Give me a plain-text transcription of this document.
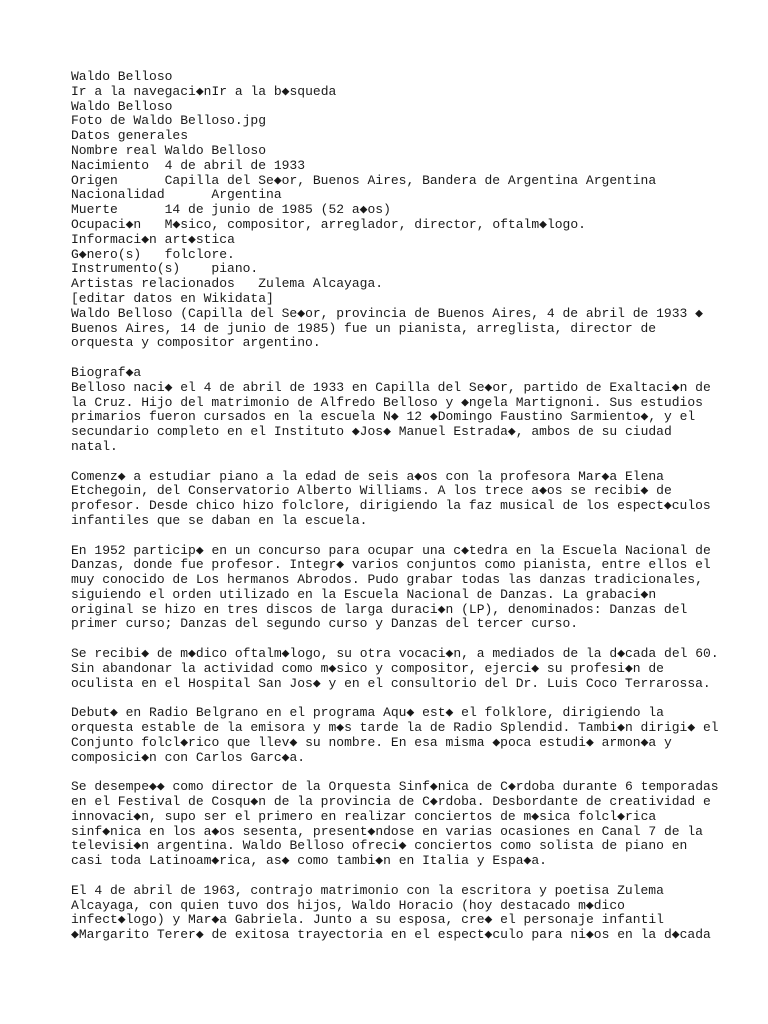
Waldo Belloso
Ir a la navegaci◆nIr a la b◆squeda
Waldo Belloso
Foto de Waldo Belloso.jpg
Datos generales
Nombre real Waldo Belloso
Nacimiento  4 de abril de 1933
Origen      Capilla del Se◆or, Buenos Aires, Bandera de Argentina Argentina
Nacionalidad      Argentina
Muerte      14 de junio de 1985 (52 a◆os)
Ocupaci◆n   M◆sico, compositor, arreglador, director, oftalm◆logo.
Informaci◆n art◆stica
G◆nero(s)   folclore.
Instrumento(s)    piano.
Artistas relacionados   Zulema Alcayaga.
[editar datos en Wikidata]
Waldo Belloso (Capilla del Se◆or, provincia de Buenos Aires, 4 de abril de 1933 ◆
Buenos Aires, 14 de junio de 1985) fue un pianista, arreglista, director de
orquesta y compositor argentino.
Biograf◆a
Belloso naci◆ el 4 de abril de 1933 en Capilla del Se◆or, partido de Exaltaci◆n de
la Cruz. Hijo del matrimonio de Alfredo Belloso y ◆ngela Martignoni. Sus estudios
primarios fueron cursados en la escuela N◆ 12 ◆Domingo Faustino Sarmiento◆, y el
secundario completo en el Instituto ◆Jos◆ Manuel Estrada◆, ambos de su ciudad
natal.
Comenz◆ a estudiar piano a la edad de seis a◆os con la profesora Mar◆a Elena
Etchegoin, del Conservatorio Alberto Williams. A los trece a◆os se recibi◆ de
profesor. Desde chico hizo folclore, dirigiendo la faz musical de los espect◆culos
infantiles que se daban en la escuela.
En 1952 particip◆ en un concurso para ocupar una c◆tedra en la Escuela Nacional de
Danzas, donde fue profesor. Integr◆ varios conjuntos como pianista, entre ellos el
muy conocido de Los hermanos Abrodos. Pudo grabar todas las danzas tradicionales,
siguiendo el orden utilizado en la Escuela Nacional de Danzas. La grabaci◆n
original se hizo en tres discos de larga duraci◆n (LP), denominados: Danzas del
primer curso; Danzas del segundo curso y Danzas del tercer curso.
Se recibi◆ de m◆dico oftalm◆logo, su otra vocaci◆n, a mediados de la d◆cada del 60.
Sin abandonar la actividad como m◆sico y compositor, ejerci◆ su profesi◆n de
oculista en el Hospital San Jos◆ y en el consultorio del Dr. Luis Coco Terrarossa.
Debut◆ en Radio Belgrano en el programa Aqu◆ est◆ el folklore, dirigiendo la
orquesta estable de la emisora y m◆s tarde la de Radio Splendid. Tambi◆n dirigi◆ el
Conjunto folcl◆rico que llev◆ su nombre. En esa misma ◆poca estudi◆ armon◆a y
composici◆n con Carlos Garc◆a.
Se desempe◆◆ como director de la Orquesta Sinf◆nica de C◆rdoba durante 6 temporadas
en el Festival de Cosqu◆n de la provincia de C◆rdoba. Desbordante de creatividad e
innovaci◆n, supo ser el primero en realizar conciertos de m◆sica folcl◆rica
sinf◆nica en los a◆os sesenta, present◆ndose en varias ocasiones en Canal 7 de la
televisi◆n argentina. Waldo Belloso ofreci◆ conciertos como solista de piano en
casi toda Latinoam◆rica, as◆ como tambi◆n en Italia y Espa◆a.
El 4 de abril de 1963, contrajo matrimonio con la escritora y poetisa Zulema
Alcayaga, con quien tuvo dos hijos, Waldo Horacio (hoy destacado m◆dico
infect◆logo) y Mar◆a Gabriela. Junto a su esposa, cre◆ el personaje infantil
◆Margarito Terer◆ de exitosa trayectoria en el espect◆culo para ni◆os en la d◆cada
